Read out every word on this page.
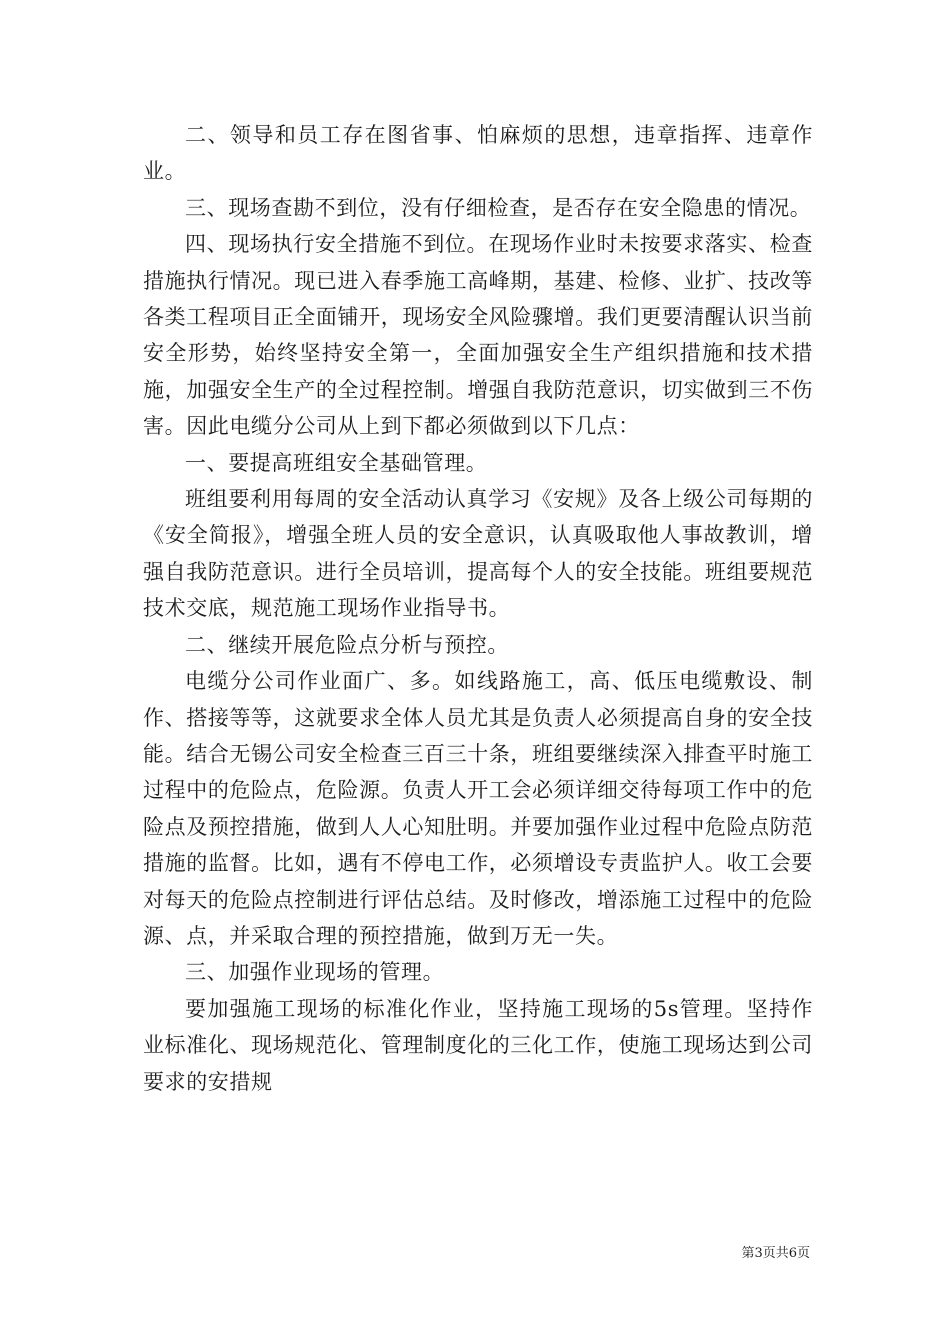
二、领导和员工存在图省事、怕麻烦的思想，违章指挥、违章作业。

三、现场查勘不到位，没有仔细检查，是否存在安全隐患的情况。

四、现场执行安全措施不到位。在现场作业时未按要求落实、检查措施执行情况。现已进入春季施工高峰期，基建、检修、业扩、技改等各类工程项目正全面铺开，现场安全风险骤增。我们更要清醒认识当前安全形势，始终坚持安全第一，全面加强安全生产组织措施和技术措施，加强安全生产的全过程控制。增强自我防范意识，切实做到三不伤害。因此电缆分公司从上到下都必须做到以下几点：

一、要提高班组安全基础管理。

班组要利用每周的安全活动认真学习《安规》及各上级公司每期的《安全简报》，增强全班人员的安全意识，认真吸取他人事故教训，增强自我防范意识。进行全员培训，提高每个人的安全技能。班组要规范技术交底，规范施工现场作业指导书。

二、继续开展危险点分析与预控。

电缆分公司作业面广、多。如线路施工，高、低压电缆敷设、制作、搭接等等，这就要求全体人员尤其是负责人必须提高自身的安全技能。结合无锡公司安全检查三百三十条，班组要继续深入排查平时施工过程中的危险点，危险源。负责人开工会必须详细交待每项工作中的危险点及预控措施，做到人人心知肚明。并要加强作业过程中危险点防范措施的监督。比如，遇有不停电工作，必须增设专责监护人。收工会要对每天的危险点控制进行评估总结。及时修改，增添施工过程中的危险源、点，并采取合理的预控措施，做到万无一失。

三、加强作业现场的管理。

要加强施工现场的标准化作业，坚持施工现场的5s管理。坚持作业标准化、现场规范化、管理制度化的三化工作，使施工现场达到公司要求的安措规

第3页共6页
